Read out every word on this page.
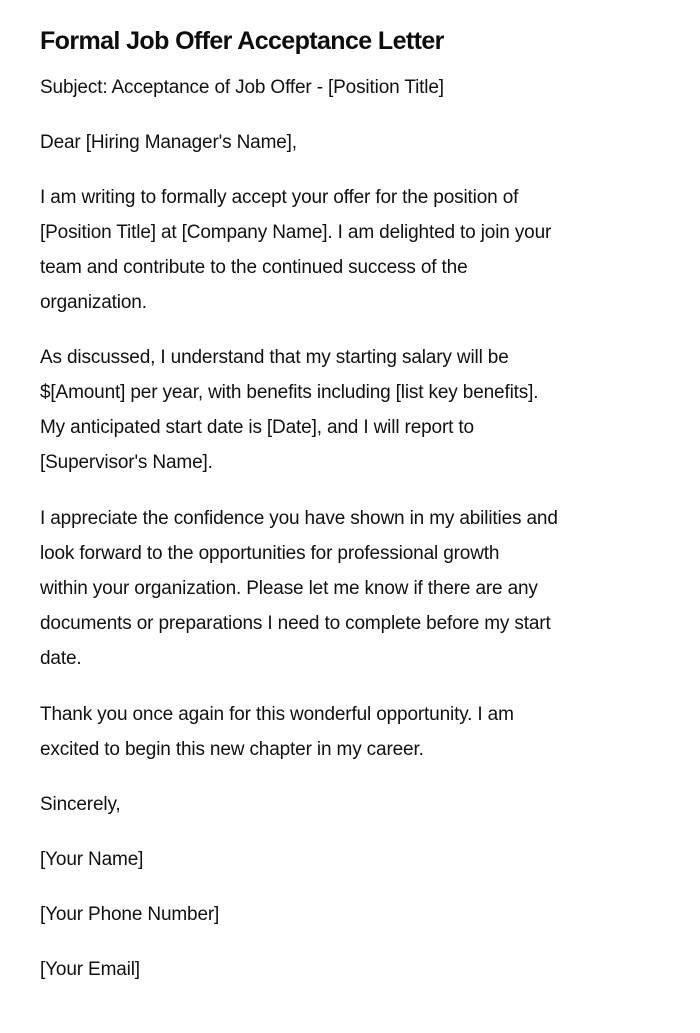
Formal Job Offer Acceptance Letter
Subject: Acceptance of Job Offer - [Position Title]
Dear [Hiring Manager's Name],
I am writing to formally accept your offer for the position of
[Position Title] at [Company Name]. I am delighted to join your
team and contribute to the continued success of the
organization.
As discussed, I understand that my starting salary will be
$[Amount] per year, with benefits including [list key benefits].
My anticipated start date is [Date], and I will report to
[Supervisor's Name].
I appreciate the confidence you have shown in my abilities and
look forward to the opportunities for professional growth
within your organization. Please let me know if there are any
documents or preparations I need to complete before my start
date.
Thank you once again for this wonderful opportunity. I am
excited to begin this new chapter in my career.
Sincerely,
[Your Name]
[Your Phone Number]
[Your Email]
